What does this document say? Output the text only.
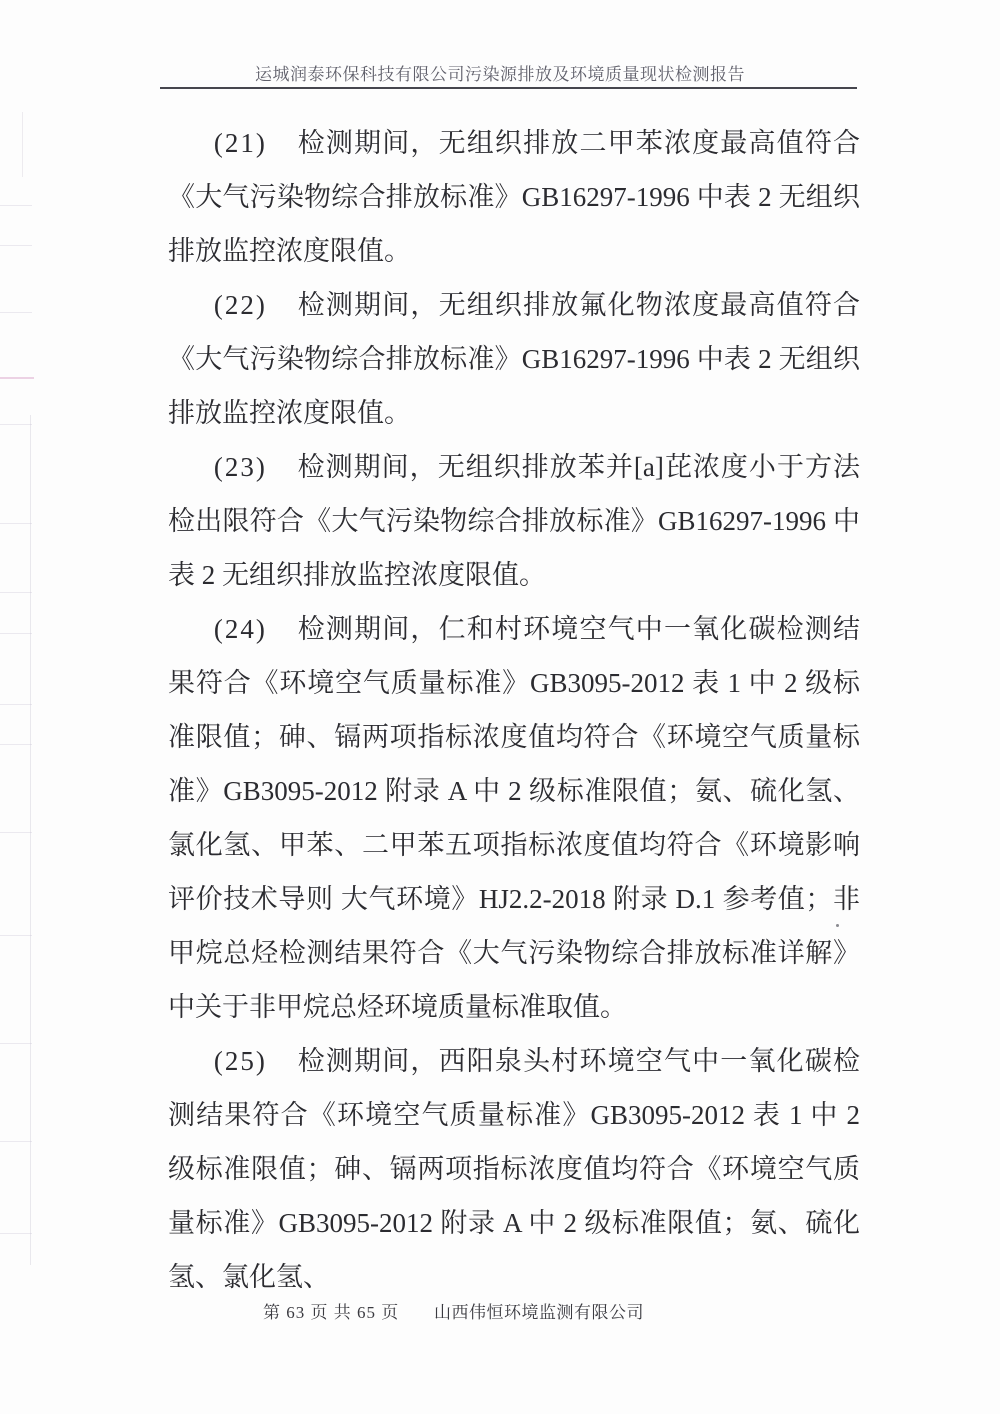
运城润泰环保科技有限公司污染源排放及环境质量现状检测报告

(21) 检测期间，无组织排放二甲苯浓度最高值符合《大气污染物综合排放标准》GB16297-1996 中表 2 无组织排放监控浓度限值。

(22) 检测期间，无组织排放氟化物浓度最高值符合《大气污染物综合排放标准》GB16297-1996 中表 2 无组织排放监控浓度限值。

(23) 检测期间，无组织排放苯并[a]芘浓度小于方法检出限符合《大气污染物综合排放标准》GB16297-1996 中表 2 无组织排放监控浓度限值。

(24) 检测期间，仁和村环境空气中一氧化碳检测结果符合《环境空气质量标准》GB3095-2012 表 1 中 2 级标准限值；砷、镉两项指标浓度值均符合《环境空气质量标准》GB3095-2012 附录 A 中 2 级标准限值；氨、硫化氢、氯化氢、甲苯、二甲苯五项指标浓度值均符合《环境影响评价技术导则 大气环境》HJ2.2-2018 附录 D.1 参考值；非甲烷总烃检测结果符合《大气污染物综合排放标准详解》中关于非甲烷总烃环境质量标准取值。

(25) 检测期间，西阳泉头村环境空气中一氧化碳检测结果符合《环境空气质量标准》GB3095-2012 表 1 中 2 级标准限值；砷、镉两项指标浓度值均符合《环境空气质量标准》GB3095-2012 附录 A 中 2 级标准限值；氨、硫化氢、氯化氢、

第 63 页 共 65 页 山西伟恒环境监测有限公司
